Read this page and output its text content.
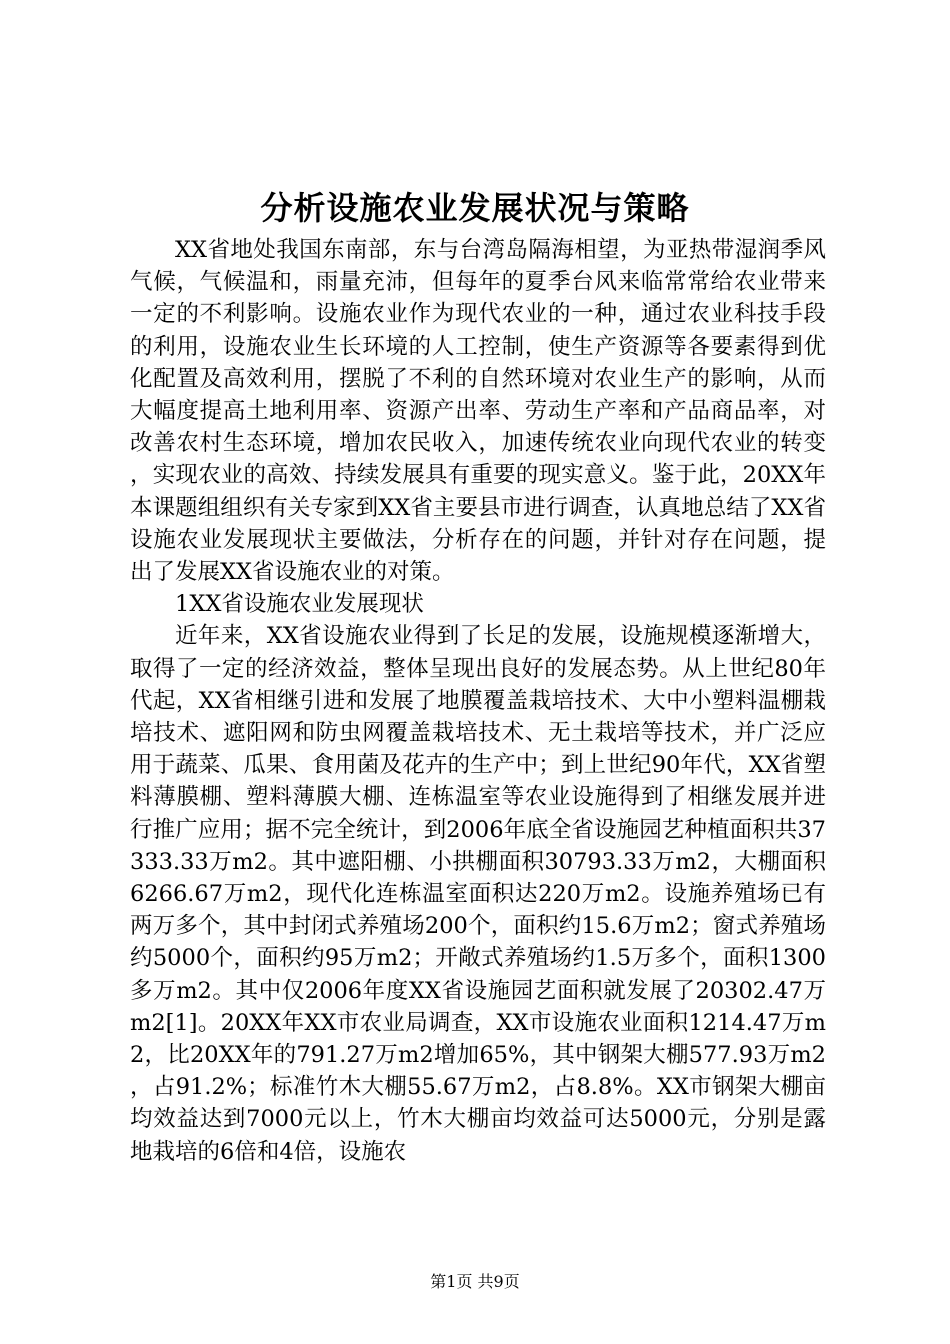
分析设施农业发展状况与策略

XX省地处我国东南部，东与台湾岛隔海相望，为亚热带湿润季风气候，气候温和，雨量充沛，但每年的夏季台风来临常常给农业带来一定的不利影响。设施农业作为现代农业的一种，通过农业科技手段的利用，设施农业生长环境的人工控制，使生产资源等各要素得到优化配置及高效利用，摆脱了不利的自然环境对农业生产的影响，从而大幅度提高土地利用率、资源产出率、劳动生产率和产品商品率，对改善农村生态环境，增加农民收入，加速传统农业向现代农业的转变，实现农业的高效、持续发展具有重要的现实意义。鉴于此，20XX年本课题组组织有关专家到XX省主要县市进行调查，认真地总结了XX省设施农业发展现状主要做法，分析存在的问题，并针对存在问题，提出了发展XX省设施农业的对策。

1XX省设施农业发展现状

近年来，XX省设施农业得到了长足的发展，设施规模逐渐增大，取得了一定的经济效益，整体呈现出良好的发展态势。从上世纪80年代起，XX省相继引进和发展了地膜覆盖栽培技术、大中小塑料温棚栽培技术、遮阳网和防虫网覆盖栽培技术、无土栽培等技术，并广泛应用于蔬菜、瓜果、食用菌及花卉的生产中；到上世纪90年代，XX省塑料薄膜棚、塑料薄膜大棚、连栋温室等农业设施得到了相继发展并进行推广应用；据不完全统计，到2006年底全省设施园艺种植面积共37333.33万m2。其中遮阳棚、小拱棚面积30793.33万m2，大棚面积6266.67万m2，现代化连栋温室面积达220万m2。设施养殖场已有两万多个，其中封闭式养殖场200个，面积约15.6万m2；窗式养殖场约5000个，面积约95万m2；开敞式养殖场约1.5万多个，面积1300多万m2。其中仅2006年度XX省设施园艺面积就发展了20302.47万m2[1]。20XX年XX市农业局调查，XX市设施农业面积1214.47万m2，比20XX年的791.27万m2增加65%，其中钢架大棚577.93万m2，占91.2%；标准竹木大棚55.67万m2，占8.8%。XX市钢架大棚亩均效益达到7000元以上，竹木大棚亩均效益可达5000元，分别是露地栽培的6倍和4倍，设施农

第1页 共9页
